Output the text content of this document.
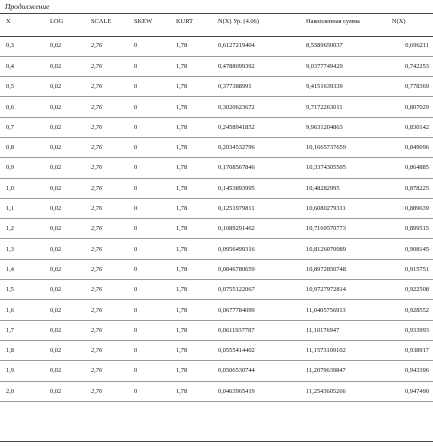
Продолжение
X	LOG	SCALE	SKEW	KURT	N(X) Ур. (4.06)	Накопленная сумма	N(X)
0,3	0,02	2,76	0	1,78	0,6127219404	8,5589650037	0,696211
0,4	0,02	2,76	0	1,78	0,4788099392	9,0377749429	0,742253
0,5	0,02	2,76	0	1,78	0,377388991	9,4151639339	0,778369
0,6	0,02	2,76	0	1,78	0,3020623672	9,7172263011	0,807029
0,7	0,02	2,76	0	1,78	0,2458941852	9,9631204863	0,830142
0,8	0,02	2,76	0	1,78	0,2034532796	10,1665737659	0,849096
0,9	0,02	2,76	0	1,78	0,1708567846	10,3374305505	0,864885
1,0	0,02	2,76	0	1,78	0,1453893995	10,48282995	0,878225
1,1	0,02	2,76	0	1,78	0,1251979811	10,6080279311	0,889639
1,2	0,02	2,76	0	1,78	0,1089291462	10,7169570773	0,899515
1,3	0,02	2,76	0	1,78	0,0956499316	10,8126070089	0,908145
1,4	0,02	2,76	0	1,78	0,0846780659	10,8972850748	0,915751
1,5	0,02	2,76	0	1,78	0,0755122067	10,9727972814	0,922508
1,6	0,02	2,76	0	1,78	0,0677784099	11,0405756913	0,928552
1,7	0,02	2,76	0	1,78	0,0611937787	11,10176947	0,933993
1,8	0,02	2,76	0	1,78	0,0555414402	11,1573109102	0,938917
1,9	0,02	2,76	0	1,78	0,0506530744	11,2079639847	0,943396
2,0	0,02	2,76	0	1,78	0,0463965419	11,2543605266	0,947490
